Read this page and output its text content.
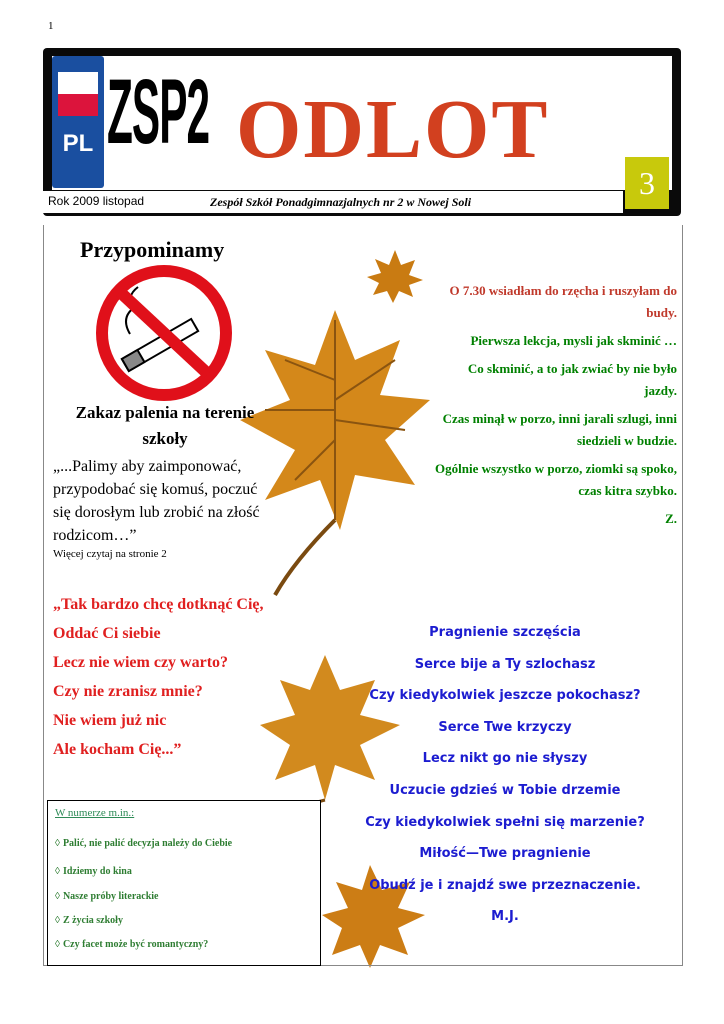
1
PL ZSP2 ODLOT
3
Rok 2009 listopad	Zespół Szkół Ponadgimnazjalnych nr 2 w Nowej Soli
Przypominamy
Zakaz palenia na terenie
szkoły
„...Palimy aby zaimponować,
przypodobać się komuś, poczuć
się dorosłym lub zrobić na złość
rodzicom…”
Więcej czytaj na stronie 2

O 7.30 wsiadłam do rzęcha i ruszyłam do budy.

Pierwsza lekcja, mysli jak skminić …

Co skminić, a to jak zwiać by nie było jazdy.

Czas minął w porzo, inni jarali szlugi, inni siedzieli w budzie.

Ogólnie wszystko w porzo, ziomki są spoko, czas kitra szybko.

Z.

„Tak bardzo chcę dotknąć Cię,
Oddać Ci siebie
Lecz nie wiem czy warto?
Czy nie zranisz mnie?
Nie wiem już nic
Ale kocham Cię...”
Pragnienie szczęścia
Serce bije a Ty szlochasz
Czy kiedykolwiek jeszcze pokochasz?
Serce Twe krzyczy
Lecz nikt go nie słyszy
Uczucie gdzieś w Tobie drzemie
Czy kiedykolwiek spełni się marzenie?
Miłość—Twe pragnienie
Obudź je i znajdź swe przeznaczenie.
M.J.
W numerze m.in.:
◊ Palić, nie palić decyzja należy do Ciebie
◊ Idziemy do kina
◊ Nasze próby literackie
◊ Z życia szkoły
◊ Czy facet może być romantyczny?
